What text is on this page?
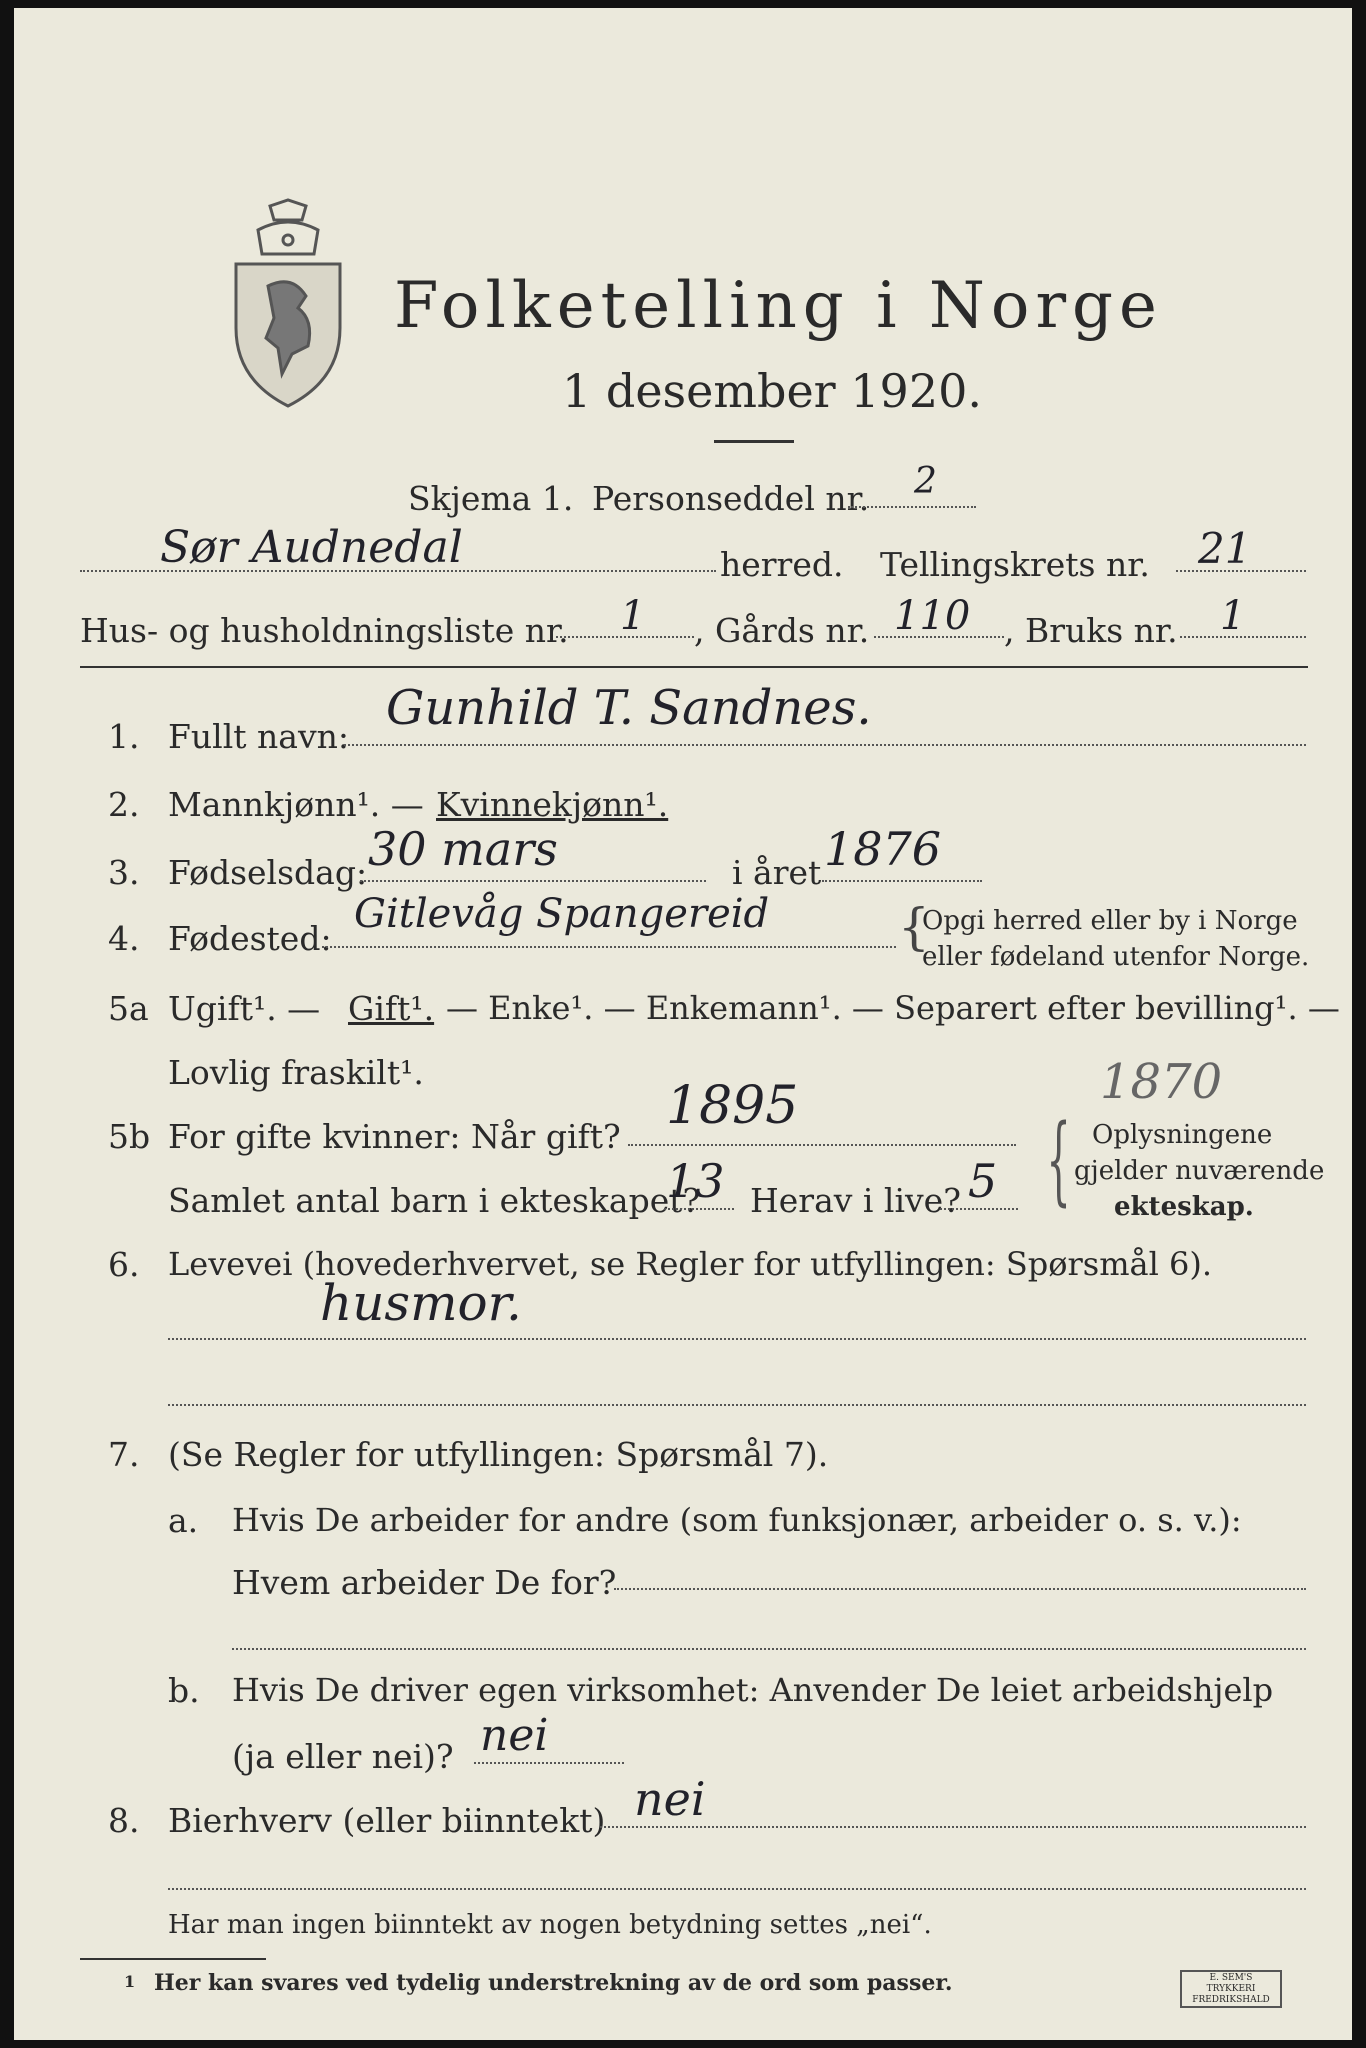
Folketelling i Norge
1 desember 1920.
Skjema 1. Personseddel nr. 2
Sør Audnedal	herred. Tellingskrets nr. 21
Hus- og husholdningsliste nr. 1 , Gårds nr. 110 , Bruks nr. 1
1. Fullt navn:
Gunhild T. Sandnes.
2. Mannkjønn¹. — Kvinnekjønn¹.
3. Fødselsdag: 30 mars	i året 1876
4. Fødested:
Gitlevåg Spangereid	{
Opgi herred eller by i Norge
eller fødeland utenfor Norge.
5a Ugift¹. — Gift¹. — Enke¹. — Enkemann¹. — Separert efter bevilling¹. —
Lovlig fraskilt¹.	1870
5b For gifte kvinner: Når gift?
1895
Samlet antal barn i ekteskapet?
13 Herav i live? 5 { Oplysningene
gjelder nuværende
ekteskap.
6. Levevei (hovederhvervet, se Regler for utfyllingen: Spørsmål 6).
husmor.
7. (Se Regler for utfyllingen: Spørsmål 7).
a. Hvis De arbeider for andre (som funksjonær, arbeider o. s. v.):
Hvem arbeider De for?
b. Hvis De driver egen virksomhet: Anvender De leiet arbeidshjelp
(ja eller nei)? nei
8. Bierhverv (eller biinntekt) nei
Har man ingen biinntekt av nogen betydning settes „nei“.
1 Her kan svares ved tydelig understrekning av de ord som passer.	E. SEM'S TRYKKERI FREDRIKSHALD
